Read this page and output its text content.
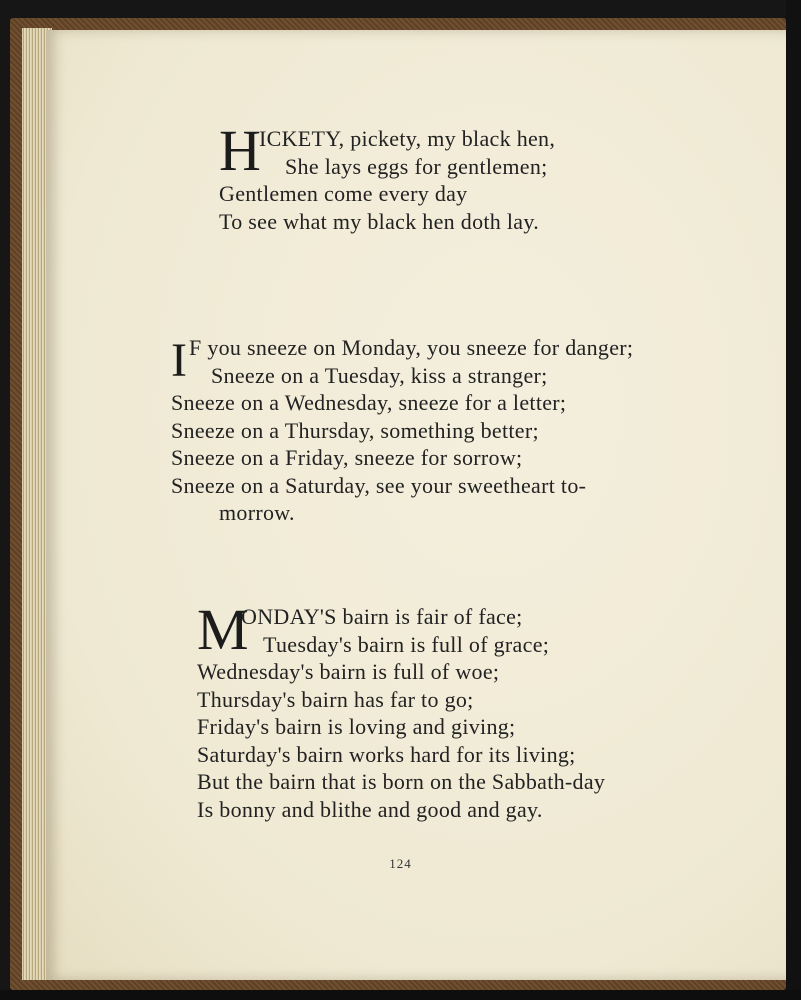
H
ICKETY, pickety, my black hen,
She lays eggs for gentlemen;
Gentlemen come every day
To see what my black hen doth lay.
I F you sneeze on Monday, you sneeze for danger;
Sneeze on a Tuesday, kiss a stranger;
Sneeze on a Wednesday, sneeze for a letter;
Sneeze on a Thursday, something better;
Sneeze on a Friday, sneeze for sorrow;
Sneeze on a Saturday, see your sweetheart to-
morrow.
M
ONDAY'S bairn is fair of face;
Tuesday's bairn is full of grace;
Wednesday's bairn is full of woe;
Thursday's bairn has far to go;
Friday's bairn is loving and giving;
Saturday's bairn works hard for its living;
But the bairn that is born on the Sabbath-day
Is bonny and blithe and good and gay.
124
